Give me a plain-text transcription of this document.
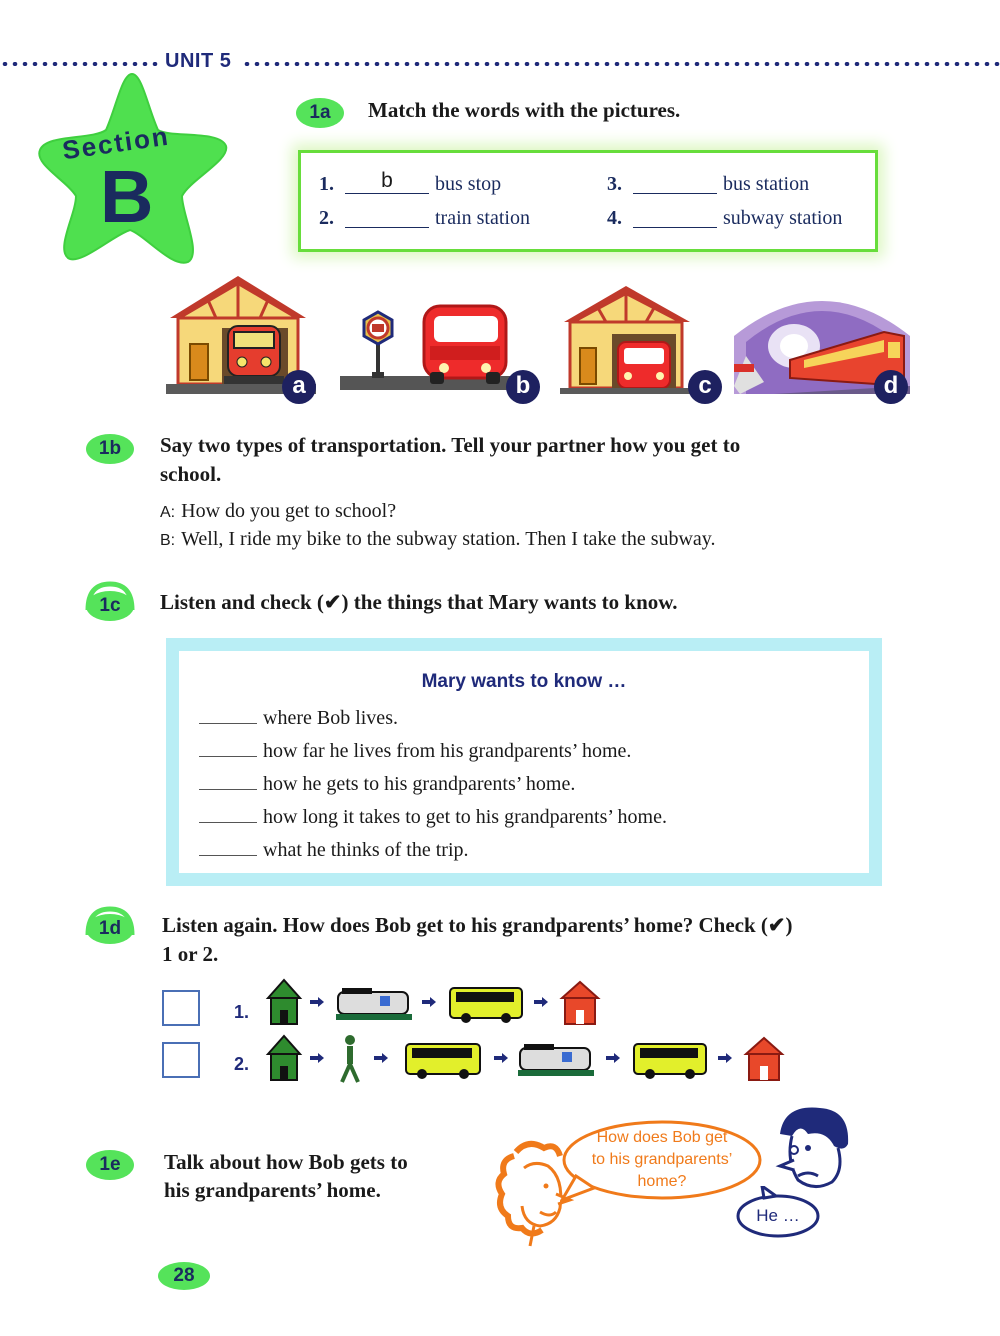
UNIT 5
Section
B
1a	Match the words with the pictures.
1.	b	bus stop
2.	train station
3.	bus station
4.	subway station
a	b	c	d
1b	Say two types of transportation. Tell your partner how you get to
school.
A: How do you get to school?
B: Well, I ride my bike to the subway station. Then I take the subway.
1c	Listen and check (✔) the things that Mary wants to know.
Mary wants to know …
where Bob lives.
how far he lives from his grandparents’ home.
how he gets to his grandparents’ home.
how long it takes to get to his grandparents’ home.
what he thinks of the trip.
1d	Listen again. How does Bob get to his grandparents’ home? Check (✔)
1 or 2.
1.
2.
1e	Talk about how Bob gets to
his grandparents’ home.
How does Bob get
to his grandparents’
home?
He …
28
